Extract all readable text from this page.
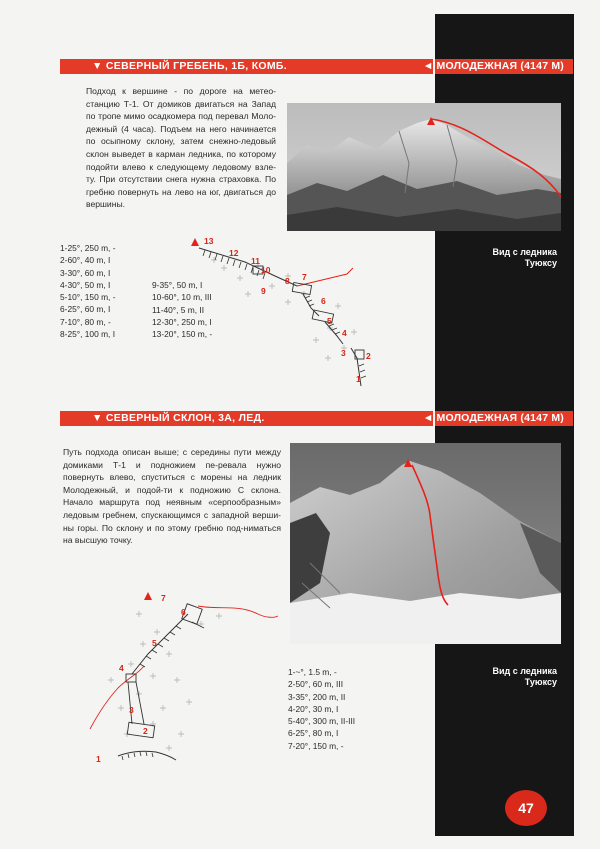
▼ СЕВЕРНЫЙ ГРЕБЕНЬ, 1Б, КОМБ.	◄ МОЛОДЕЖНАЯ (4147 М)

Подход к вершине - по дороге на метео-станцию Т-1. От домиков двигаться на Запад по тропе мимо осадкомера под перевал Моло-дежный (4 часа). Подъем на него начинается по осыпному склону, затем снежно-ледовый склон выведет в карман ледника, по которому подойти влево к следующему ледовому взле-ту. При отсутствии снега нужна страховка. По гребню повернуть на лево на юг, двигаться до вершины.

Вид с ледника
Туюксу
1-25°, 250 m, -
2-60°, 40 m, I
3-30°, 60 m, I
4-30°, 50 m, I
5-10°, 150 m, -
6-25°, 60 m, I
7-10°, 80 m, -
8-25°, 100 m, I
9-35°, 50 m, I
10-60°, 10 m, III
11-40°, 5 m, II
12-30°, 250 m, I
13-20°, 150 m, -
13
12
11
10
9
8 7
6
5
4
3 2
1
▼ СЕВЕРНЫЙ СКЛОН, 3А, ЛЕД.	◄ МОЛОДЕЖНАЯ (4147 М)

Путь подхода описан выше; с середины пути между домиками Т-1 и подножием пе-ревала нужно повернуть влево, спуститься с морены на ледник Молодежный, и подой-ти к подножию С склона. Начало маршрута под неявным «серпообразным» ледовым гребнем, спускающимся с западной верши-ны горы. По склону и по этому гребню под-ниматься на высшую точку.

Вид с ледника
Туюксу
7
6
5
4
3
2
1
1-~°, 1.5 m, -
2-50°, 60 m, III
3-35°, 200 m, II
4-20°, 30 m, I
5-40°, 300 m, II-III
6-25°, 80 m, I
7-20°, 150 m, -
47
